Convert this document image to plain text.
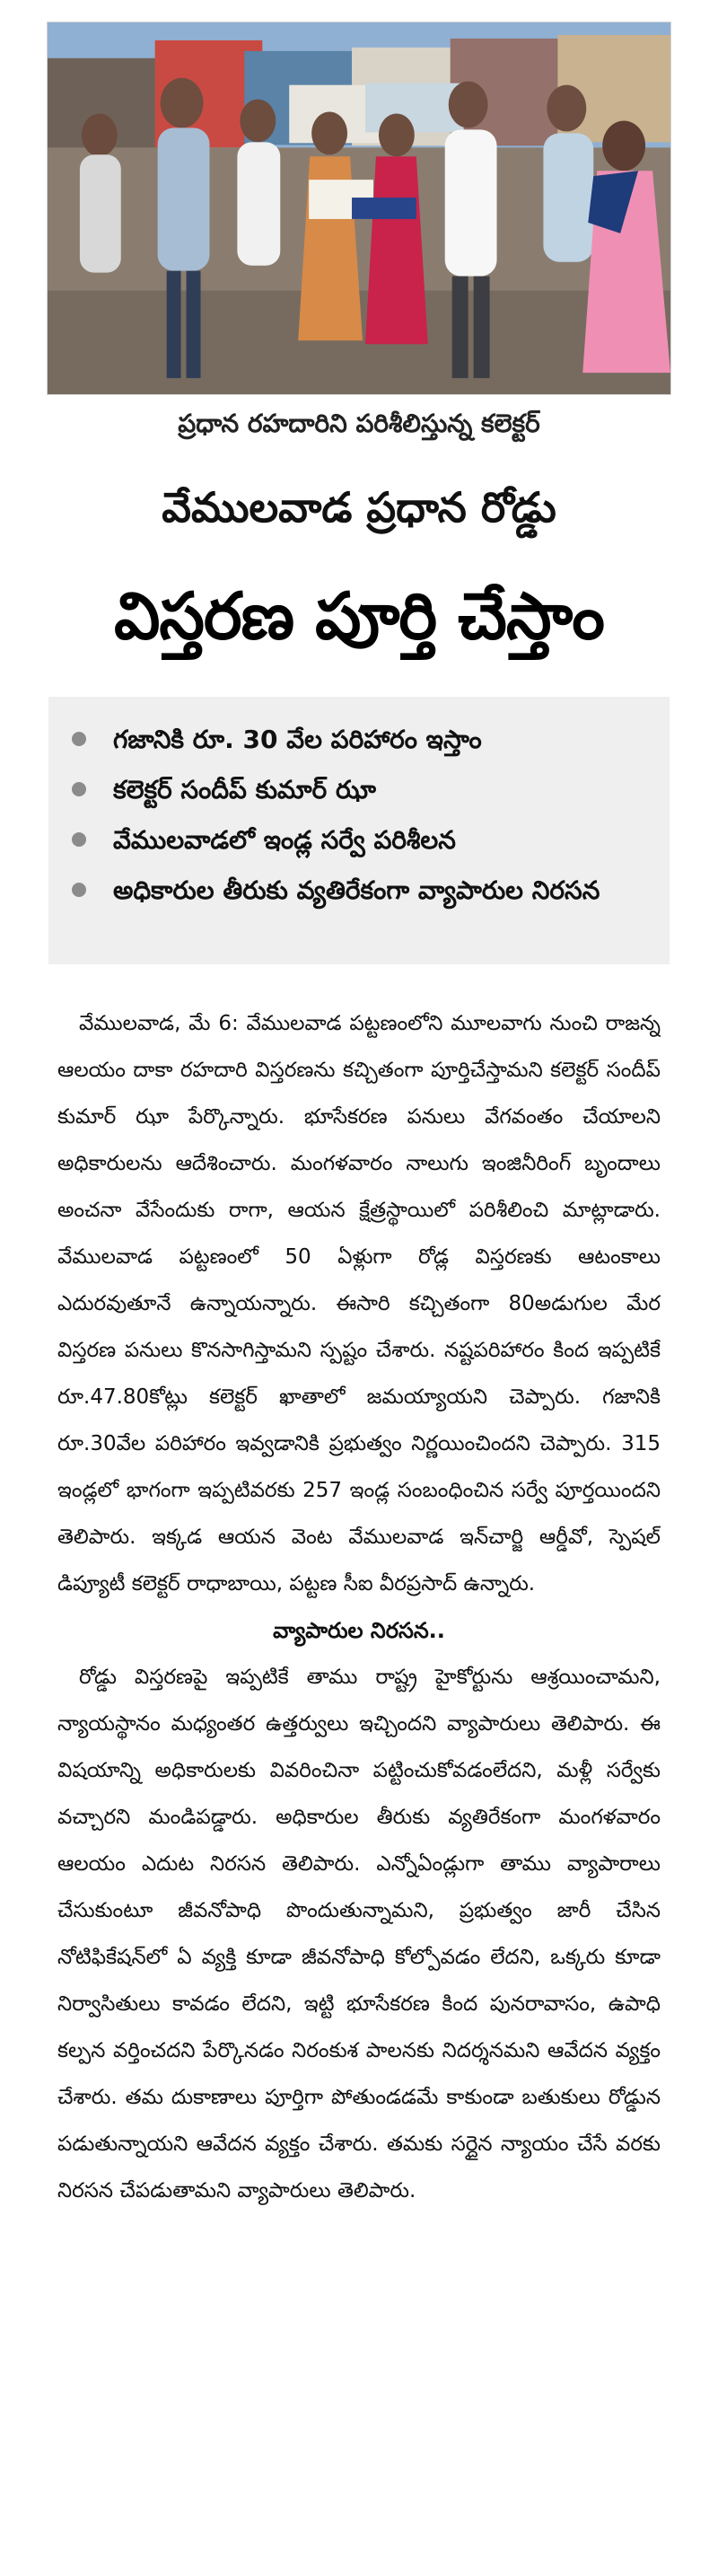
ప్రధాన రహదారిని పరిశీలిస్తున్న కలెక్టర్
వేములవాడ ప్రధాన రోడ్డు
విస్తరణ పూర్తి చేస్తాం
గజానికి రూ. 30 వేల పరిహారం ఇస్తాం
కలెక్టర్ సందీప్ కుమార్ ఝా
వేములవాడలో ఇండ్ల సర్వే పరిశీలన
అధికారుల తీరుకు వ్యతిరేకంగా వ్యాపారుల నిరసన

వేములవాడ, మే 6: వేములవాడ పట్టణంలోని మూలవాగు నుంచి రాజన్న ఆలయం దాకా రహదారి విస్తరణను కచ్చితంగా పూర్తిచేస్తామని కలెక్టర్ సందీప్ కుమార్ ఝా పేర్కొన్నారు. భూసేకరణ పనులు వేగవంతం చేయాలని అధికారులను ఆదేశించారు. మంగళవారం నాలుగు ఇంజినీరింగ్ బృందాలు అంచనా వేసేందుకు రాగా, ఆయన క్షేత్రస్థాయిలో పరిశీలించి మాట్లాడారు. వేములవాడ పట్టణంలో 50 ఏళ్లుగా రోడ్ల విస్తరణకు ఆటంకాలు ఎదురవుతూనే ఉన్నాయన్నారు. ఈసారి కచ్చితంగా 80అడుగుల మేర విస్తరణ పనులు కొనసాగిస్తామని స్పష్టం చేశారు. నష్టపరిహారం కింద ఇప్పటికే రూ.47.80కోట్లు కలెక్టర్ ఖాతాలో జమయ్యాయని చెప్పారు. గజానికి రూ.30వేల పరిహారం ఇవ్వడానికి ప్రభుత్వం నిర్ణయించిందని చెప్పారు. 315 ఇండ్లలో భాగంగా ఇప్పటివరకు 257 ఇండ్ల సంబంధించిన సర్వే పూర్తయిందని తెలిపారు. ఇక్కడ ఆయన వెంట వేములవాడ ఇన్‌చార్జి ఆర్డీవో, స్పెషల్ డిప్యూటీ కలెక్టర్ రాధాబాయి, పట్టణ సీఐ వీరప్రసాద్ ఉన్నారు.

వ్యాపారుల నిరసన..

రోడ్డు విస్తరణపై ఇప్పటికే తాము రాష్ట్ర హైకోర్టును ఆశ్రయించామని, న్యాయస్థానం మధ్యంతర ఉత్తర్వులు ఇచ్చిందని వ్యాపారులు తెలిపారు. ఈ విషయాన్ని అధికారులకు వివరించినా పట్టించుకోవడంలేదని, మళ్లీ సర్వేకు వచ్చారని మండిపడ్డారు. అధికారుల తీరుకు వ్యతిరేకంగా మంగళవారం ఆలయం ఎదుట నిరసన తెలిపారు. ఎన్నోఏండ్లుగా తాము వ్యాపారాలు చేసుకుంటూ జీవనోపాధి పొందుతున్నామని, ప్రభుత్వం జారీ చేసిన నోటిఫికేషన్‌లో ఏ వ్యక్తి కూడా జీవనోపాధి కోల్పోవడం లేదని, ఒక్కరు కూడా నిర్వాసితులు కావడం లేదని, ఇట్టి భూసేకరణ కింద పునరావాసం, ఉపాధి కల్పన వర్తించదని పేర్కొనడం నిరంకుశ పాలనకు నిదర్శనమని ఆవేదన వ్యక్తం చేశారు. తమ దుకాణాలు పూర్తిగా పోతుండడమే కాకుండా బతుకులు రోడ్డున పడుతున్నాయని ఆవేదన వ్యక్తం చేశారు. తమకు సర్దైన న్యాయం చేసే వరకు నిరసన చేపడుతామని వ్యాపారులు తెలిపారు.
